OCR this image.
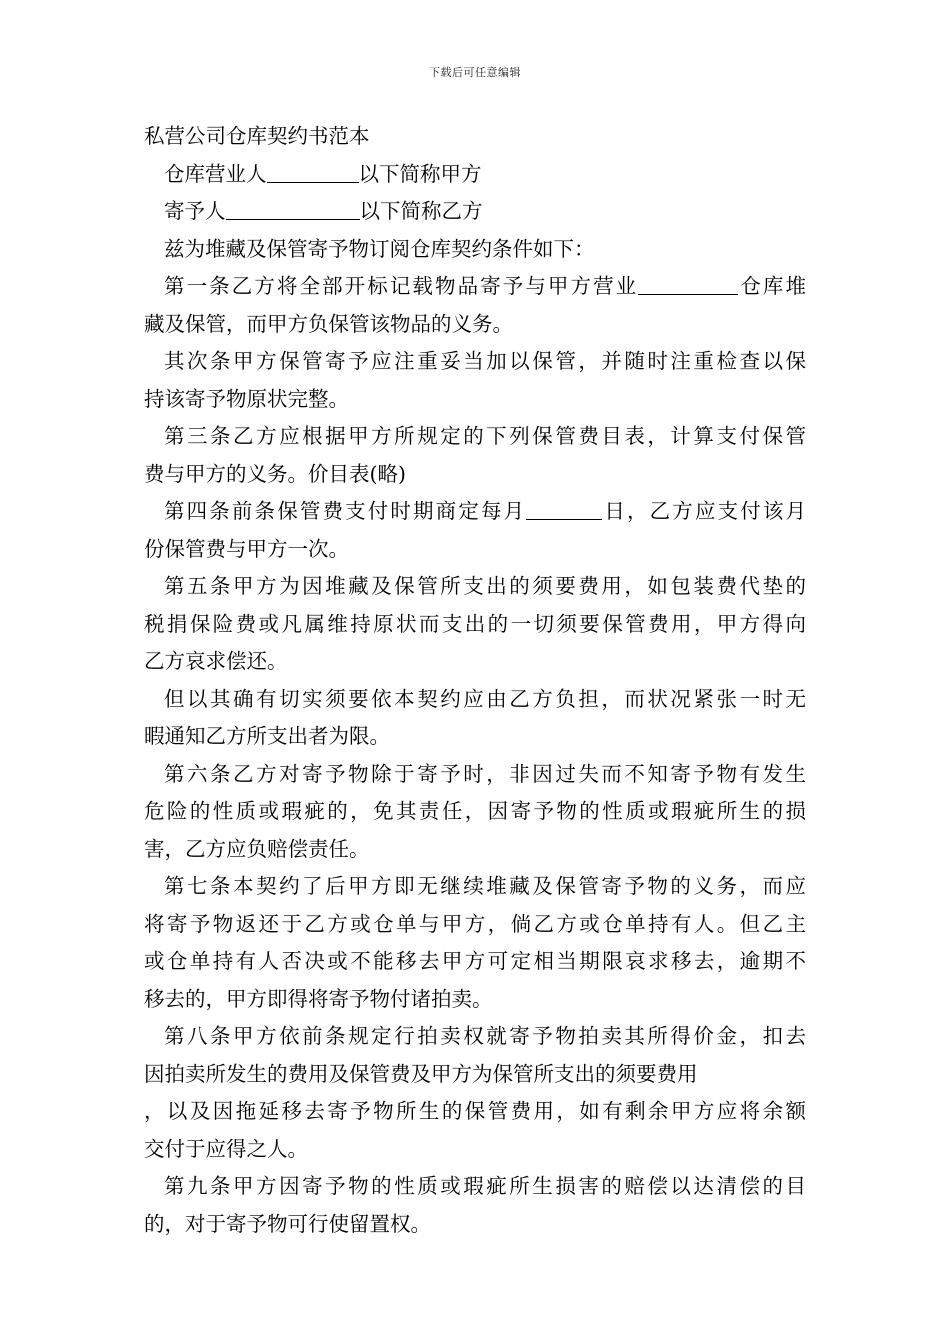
下载后可任意编辑
私营公司仓库契约书范本
仓库营业人	以下简称甲方
寄予人	以下简称乙方
兹为堆藏及保管寄予物订阅仓库契约条件如下：
第一条乙方将全部开标记载物品寄予与甲方营业	仓库堆
藏及保管，而甲方负保管该物品的义务。
其次条甲方保管寄予应注重妥当加以保管，并随时注重检查以保
持该寄予物原状完整。
第三条乙方应根据甲方所规定的下列保管费目表，计算支付保管
费与甲方的义务。价目表(略)
第四条前条保管费支付时期商定每月	日，乙方应支付该月
份保管费与甲方一次。
第五条甲方为因堆藏及保管所支出的须要费用，如包装费代垫的
税捐保险费或凡属维持原状而支出的一切须要保管费用，甲方得向
乙方哀求偿还。
但以其确有切实须要依本契约应由乙方负担，而状况紧张一时无
暇通知乙方所支出者为限。
第六条乙方对寄予物除于寄予时，非因过失而不知寄予物有发生
危险的性质或瑕疵的，免其责任，因寄予物的性质或瑕疵所生的损
害，乙方应负赔偿责任。
第七条本契约了后甲方即无继续堆藏及保管寄予物的义务，而应
将寄予物返还于乙方或仓单与甲方，倘乙方或仓单持有人。但乙主
或仓单持有人否决或不能移去甲方可定相当期限哀求移去，逾期不
移去的，甲方即得将寄予物付诸拍卖。
第八条甲方依前条规定行拍卖权就寄予物拍卖其所得价金，扣去
因拍卖所发生的费用及保管费及甲方为保管所支出的须要费用
，以及因拖延移去寄予物所生的保管费用，如有剩余甲方应将余额
交付于应得之人。
第九条甲方因寄予物的性质或瑕疵所生损害的赔偿以达清偿的目
的，对于寄予物可行使留置权。
